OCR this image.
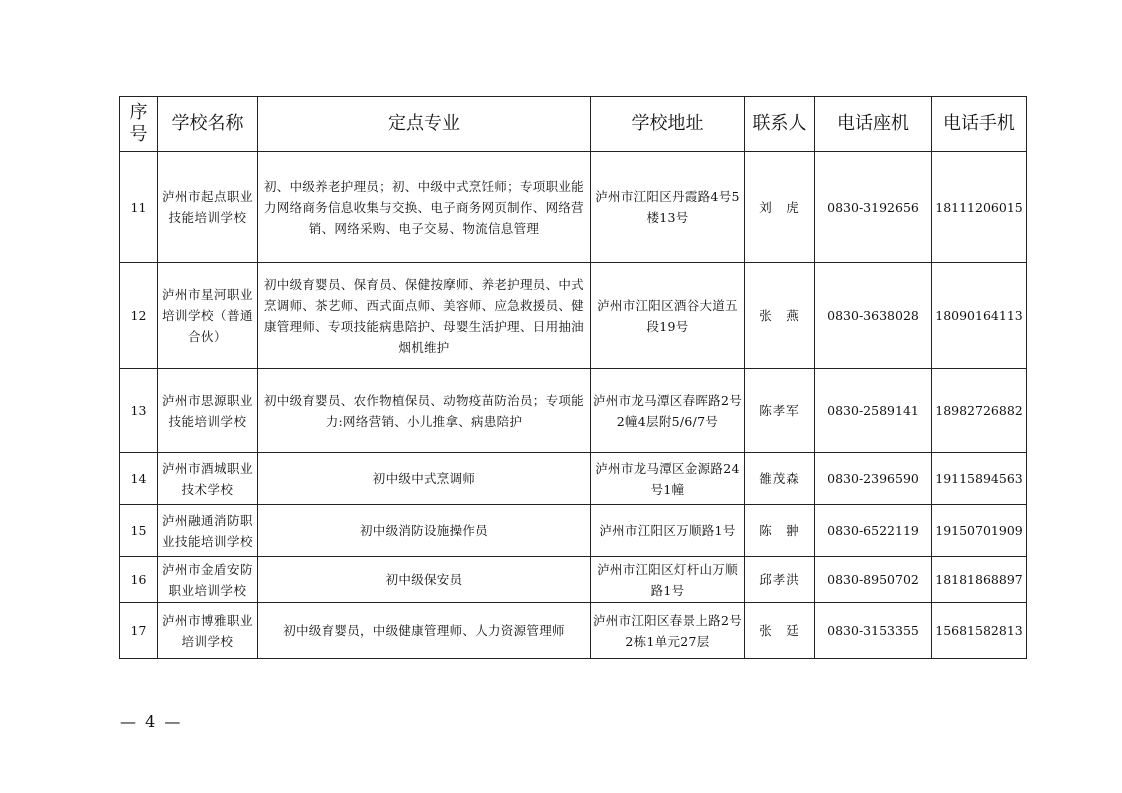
序号	学校名称	定点专业	学校地址	联系人	电话座机	电话手机
11	泸州市起点职业技能培训学校	初、中级养老护理员；初、中级中式烹饪师；专项职业能力网络商务信息收集与交换、电子商务网页制作、网络营销、网络采购、电子交易、物流信息管理	泸州市江阳区丹霞路4号5楼13号	刘　虎	0830-3192656	18111206015
12	泸州市星河职业培训学校（普通合伙）	初中级育婴员、保育员、保健按摩师、养老护理员、中式烹调师、茶艺师、西式面点师、美容师、应急救援员、健康管理师、专项技能病患陪护、母婴生活护理、日用抽油烟机维护	泸州市江阳区酒谷大道五段19号	张　燕	0830-3638028	18090164113
13	泸州市思源职业技能培训学校	初中级育婴员、农作物植保员、动物疫苗防治员；专项能力:网络营销、小儿推拿、病患陪护	泸州市龙马潭区春晖路2号2幢4层附5/6/7号	陈孝军	0830-2589141	18982726882
14	泸州市酒城职业技术学校	初中级中式烹调师	泸州市龙马潭区金源路24号1幢	雒茂森	0830-2396590	19115894563
15	泸州融通消防职业技能培训学校	初中级消防设施操作员	泸州市江阳区万顺路1号	陈　翀	0830-6522119	19150701909
16	泸州市金盾安防职业培训学校	初中级保安员	泸州市江阳区灯杆山万顺路1号	邱孝洪	0830-8950702	18181868897
17	泸州市博雅职业培训学校	初中级育婴员，中级健康管理师、人力资源管理师	泸州市江阳区春景上路2号2栋1单元27层	张　廷	0830-3153355	15681582813
— 4 —
